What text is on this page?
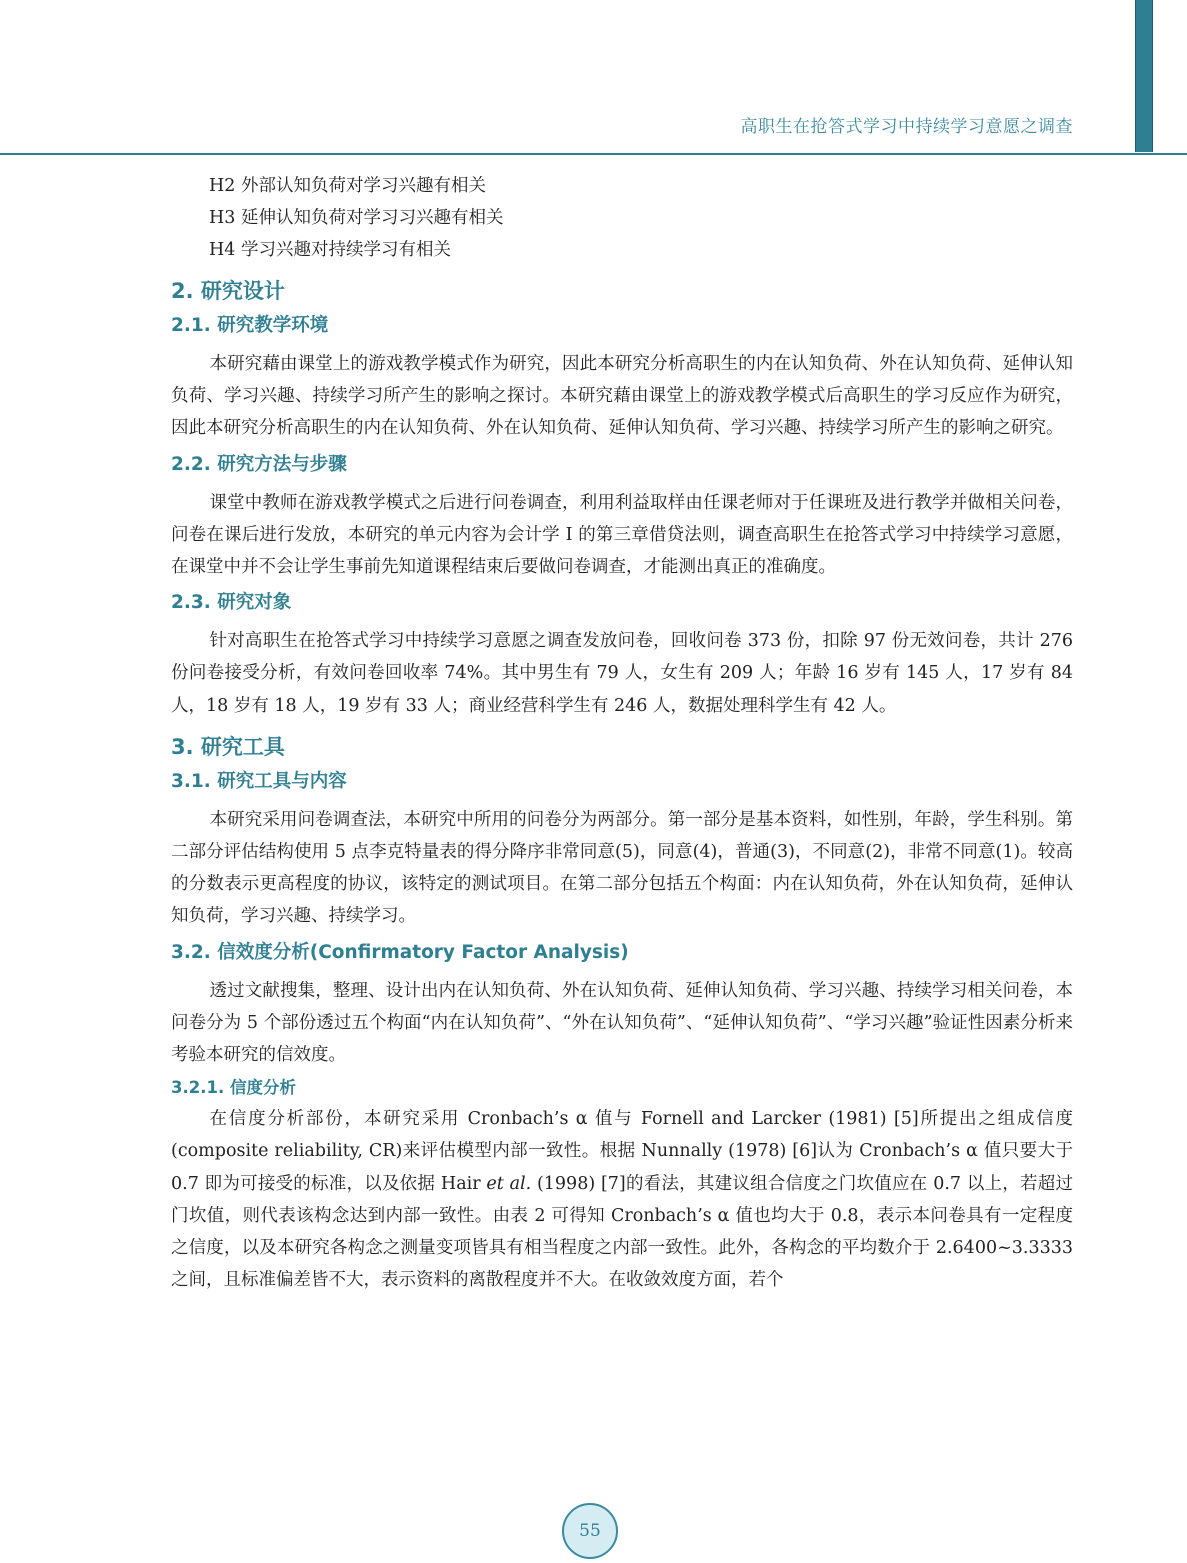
高职生在抢答式学习中持续学习意愿之调查
H2 外部认知负荷对学习兴趣有相关
H3 延伸认知负荷对学习习兴趣有相关
H4 学习兴趣对持续学习有相关
2. 研究设计
2.1. 研究教学环境

本研究藉由课堂上的游戏教学模式作为研究，因此本研究分析高职生的内在认知负荷、外在认知负荷、延伸认知负荷、学习兴趣、持续学习所产生的影响之探讨。本研究藉由课堂上的游戏教学模式后高职生的学习反应作为研究，因此本研究分析高职生的内在认知负荷、外在认知负荷、延伸认知负荷、学习兴趣、持续学习所产生的影响之研究。

2.2. 研究方法与步骤

课堂中教师在游戏教学模式之后进行问卷调查，利用利益取样由任课老师对于任课班及进行教学并做相关问卷，问卷在课后进行发放，本研究的单元内容为会计学 I 的第三章借贷法则，调查高职生在抢答式学习中持续学习意愿，在课堂中并不会让学生事前先知道课程结束后要做问卷调查，才能测出真正的准确度。

2.3. 研究对象

针对高职生在抢答式学习中持续学习意愿之调查发放问卷，回收问卷 373 份，扣除 97 份无效问卷，共计 276 份问卷接受分析，有效问卷回收率 74%。其中男生有 79 人，女生有 209 人；年龄 16 岁有 145 人，17 岁有 84 人，18 岁有 18 人，19 岁有 33 人；商业经营科学生有 246 人，数据处理科学生有 42 人。

3. 研究工具
3.1. 研究工具与内容

本研究采用问卷调查法，本研究中所用的问卷分为两部分。第一部分是基本资料，如性别，年龄，学生科别。第二部分评估结构使用 5 点李克特量表的得分降序非常同意(5)，同意(4)，普通(3)，不同意(2)，非常不同意(1)。较高的分数表示更高程度的协议，该特定的测试项目。在第二部分包括五个构面：内在认知负荷，外在认知负荷，延伸认知负荷，学习兴趣、持续学习。

3.2. 信效度分析(Confirmatory Factor Analysis)

透过文献搜集，整理、设计出内在认知负荷、外在认知负荷、延伸认知负荷、学习兴趣、持续学习相关问卷，本问卷分为 5 个部份透过五个构面“内在认知负荷”、“外在认知负荷”、“延伸认知负荷”、“学习兴趣”验证性因素分析来考验本研究的信效度。

3.2.1. 信度分析

在信度分析部份，本研究采用 Cronbach’s α 值与 Fornell and Larcker (1981) [5]所提出之组成信度(composite reliability, CR)来评估模型内部一致性。根据 Nunnally (1978) [6]认为 Cronbach’s α 值只要大于 0.7 即为可接受的标准，以及依据 Hair et al. (1998) [7]的看法，其建议组合信度之门坎值应在 0.7 以上，若超过门坎值，则代表该构念达到内部一致性。由表 2 可得知 Cronbach’s α 值也均大于 0.8，表示本问卷具有一定程度之信度，以及本研究各构念之测量变项皆具有相当程度之内部一致性。此外，各构念的平均数介于 2.6400~3.3333 之间，且标准偏差皆不大，表示资料的离散程度并不大。在收敛效度方面，若个

55
